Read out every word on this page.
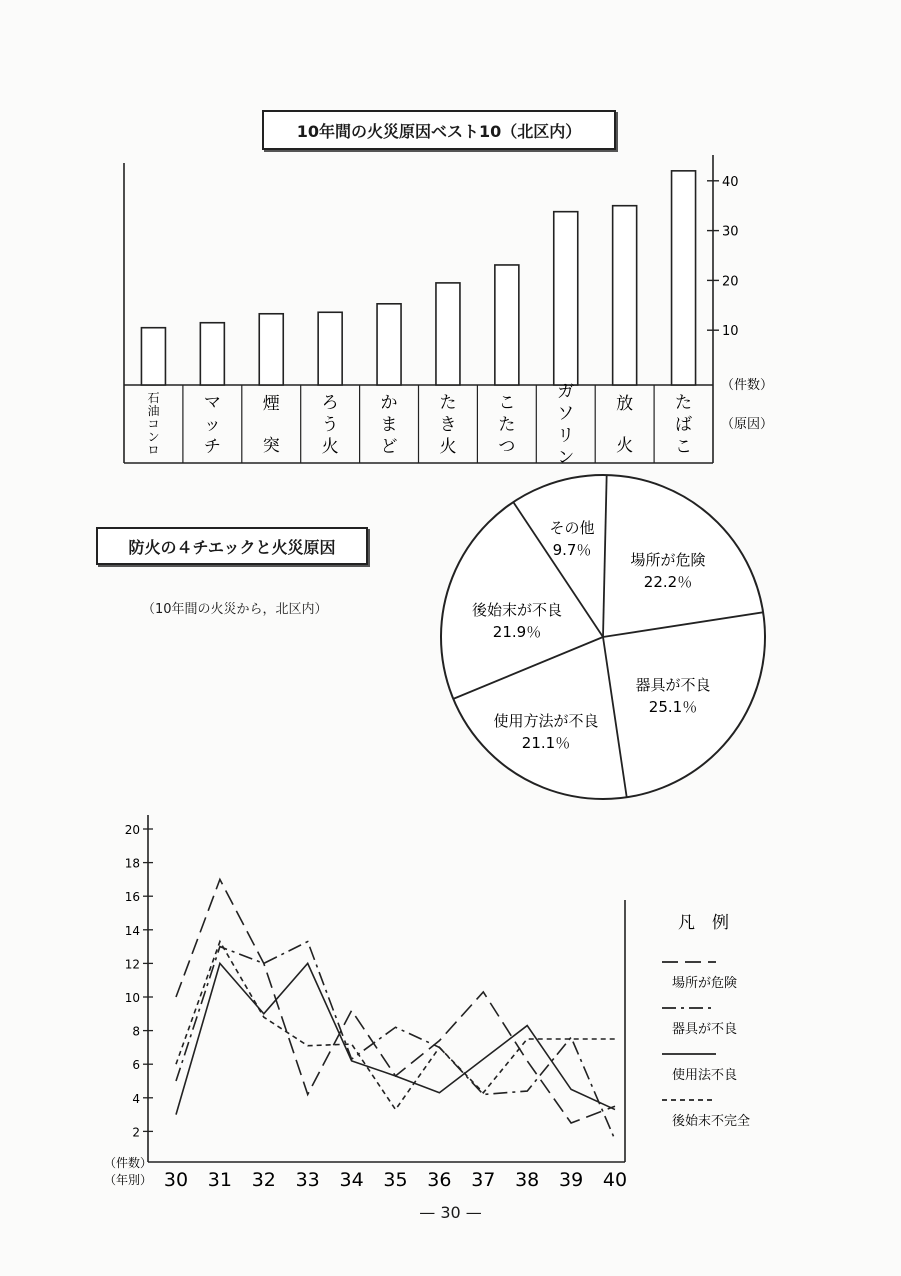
10年間の火災原因ベスト10（北区内）
10
20
30
40
（件数）
（原因）
石油コンロ
マッチ
煙突
ろう火
かまど
たき火
こたつ
ガソリン
放火
たばこ
防火の４チエックと火災原因
（10年間の火災から，北区内）
場所が危険
22.2％
器具が不良
25.1％
使用方法が不良
21.1％
後始末が不良
21.9％
その他
9.7％
2
4
6
8
10
12
14
16
18
20
30 31 32 33 34 35 36 37 38 39 40
（件数）
（年別）
凡　例
場所が危険
器具が不良
使用法不良
後始末不完全
— 30 —
